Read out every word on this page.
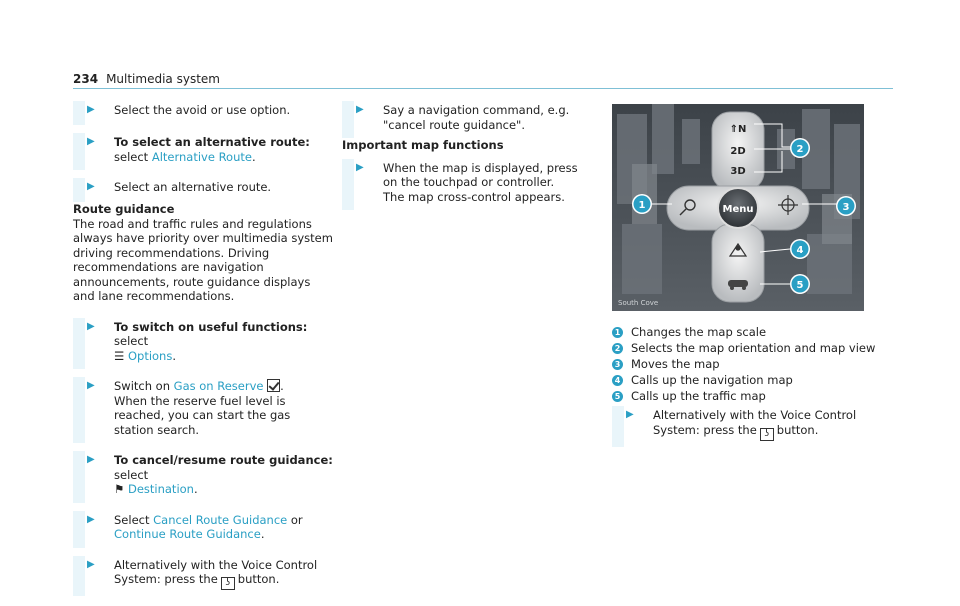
234 Multimedia system
▶ Select the avoid or use option.
▶ To select an alternative route: select Alternative Route.
▶ Select an alternative route.
Route guidance
The road and traffic rules and regulations always have priority over multimedia system driving recommendations. Driving recommendations are navigation announcements, route guidance displays and lane recommendations.
▶ To switch on useful functions: select
☰ Options.
▶ Switch on Gas on Reserve .
When the reserve fuel level is reached, you can start the gas station search.
▶ To cancel/resume route guidance: select
⚑ Destination.
▶ Select Cancel Route Guidance or Continue Route Guidance.
▶ Alternatively with the Voice Control System: press the ʖ button.
▶ Say a navigation command, e.g. "cancel route guidance".
Important map functions
▶ When the map is displayed, press on the touchpad or controller.
The map cross-control appears.
⇑N
2D
3D
Menu
South Cove
1
2
3
4
5
1 Changes the map scale
2 Selects the map orientation and map view
3 Moves the map
4 Calls up the navigation map
5 Calls up the traffic map
▶ Alternatively with the Voice Control System: press the ʖ button.
